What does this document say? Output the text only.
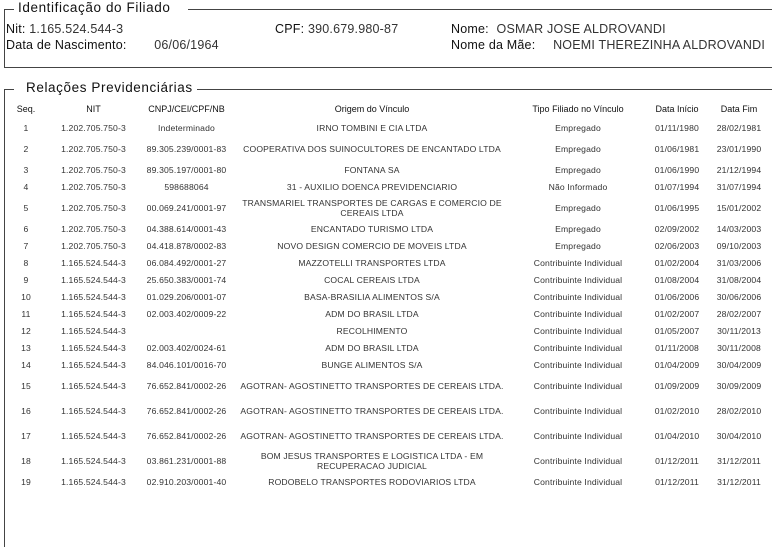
Identificação do Filiado
Nit: 1.165.524.544-3	CPF: 390.679.980-87	Nome: OSMAR JOSE ALDROVANDI
Data de Nascimento: 06/06/1964	Nome da Mãe: NOEMI THEREZINHA ALDROVANDI
Relações Previdenciárias
Seq.	NIT	CNPJ/CEI/CPF/NB	Origem do Vínculo	Tipo Filiado no Vínculo	Data Início	Data Fim
1	1.202.705.750-3	Indeterminado	IRNO TOMBINI E CIA LTDA	Empregado	01/11/1980	28/02/1981
2	1.202.705.750-3	89.305.239/0001-83	COOPERATIVA DOS SUINOCULTORES DE ENCANTADO LTDA	Empregado	01/06/1981	23/01/1990
3	1.202.705.750-3	89.305.197/0001-80	FONTANA SA	Empregado	01/06/1990	21/12/1994
4	1.202.705.750-3	598688064	31 - AUXILIO DOENCA PREVIDENCIARIO	Não Informado	01/07/1994	31/07/1994
5	1.202.705.750-3	00.069.241/0001-97	TRANSMARIEL TRANSPORTES DE CARGAS E COMERCIO DE CEREAIS LTDA	Empregado	01/06/1995	15/01/2002
6	1.202.705.750-3	04.388.614/0001-43	ENCANTADO TURISMO LTDA	Empregado	02/09/2002	14/03/2003
7	1.202.705.750-3	04.418.878/0002-83	NOVO DESIGN COMERCIO DE MOVEIS LTDA	Empregado	02/06/2003	09/10/2003
8	1.165.524.544-3	06.084.492/0001-27	MAZZOTELLI TRANSPORTES LTDA	Contribuinte Individual	01/02/2004	31/03/2006
9	1.165.524.544-3	25.650.383/0001-74	COCAL CEREAIS LTDA	Contribuinte Individual	01/08/2004	31/08/2004
10	1.165.524.544-3	01.029.206/0001-07	BASA-BRASILIA ALIMENTOS S/A	Contribuinte Individual	01/06/2006	30/06/2006
11	1.165.524.544-3	02.003.402/0009-22	ADM DO BRASIL LTDA	Contribuinte Individual	01/02/2007	28/02/2007
12	1.165.524.544-3		RECOLHIMENTO	Contribuinte Individual	01/05/2007	30/11/2013
13	1.165.524.544-3	02.003.402/0024-61	ADM DO BRASIL LTDA	Contribuinte Individual	01/11/2008	30/11/2008
14	1.165.524.544-3	84.046.101/0016-70	BUNGE ALIMENTOS S/A	Contribuinte Individual	01/04/2009	30/04/2009
15	1.165.524.544-3	76.652.841/0002-26	AGOTRAN- AGOSTINETTO TRANSPORTES DE CEREAIS LTDA.	Contribuinte Individual	01/09/2009	30/09/2009
16	1.165.524.544-3	76.652.841/0002-26	AGOTRAN- AGOSTINETTO TRANSPORTES DE CEREAIS LTDA.	Contribuinte Individual	01/02/2010	28/02/2010
17	1.165.524.544-3	76.652.841/0002-26	AGOTRAN- AGOSTINETTO TRANSPORTES DE CEREAIS LTDA.	Contribuinte Individual	01/04/2010	30/04/2010
18	1.165.524.544-3	03.861.231/0001-88	BOM JESUS TRANSPORTES E LOGISTICA LTDA - EM RECUPERACAO JUDICIAL	Contribuinte Individual	01/12/2011	31/12/2011
19	1.165.524.544-3	02.910.203/0001-40	RODOBELO TRANSPORTES RODOVIARIOS LTDA	Contribuinte Individual	01/12/2011	31/12/2011
